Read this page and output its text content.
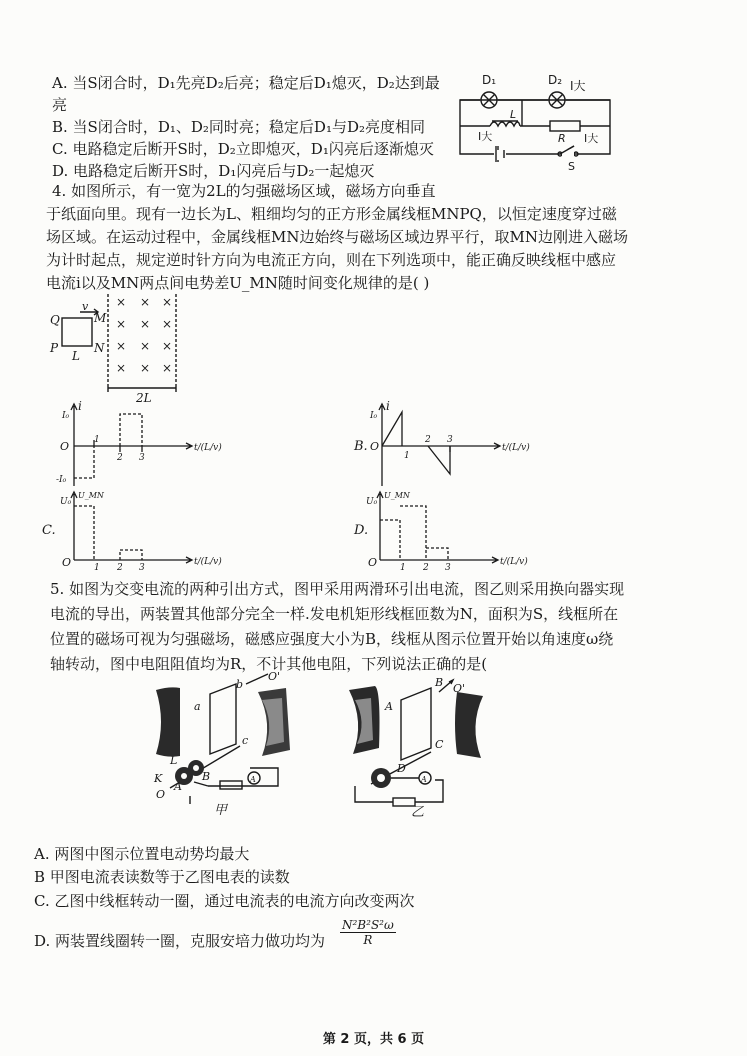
A. 当S闭合时，D₁先亮D₂后亮；稳定后D₁熄灭，D₂达到最
亮
B. 当S闭合时，D₁、D₂同时亮；稳定后D₁与D₂亮度相同
C. 电路稳定后断开S时，D₂立即熄灭，D₁闪亮后逐渐熄灭
D. 电路稳定后断开S时，D₁闪亮后与D₂一起熄灭
D₁	D₂ I大
L
I大	R I大
S
4. 如图所示，有一宽为2L的匀强磁场区域，磁场方向垂直
于纸面向里。现有一边长为L、粗细均匀的正方形金属线框MNPQ，以恒定速度穿过磁
场区域。在运动过程中，金属线框MN边始终与磁场区域边界平行，取MN边刚进入磁场
为计时起点，规定逆时针方向为电流正方向，则在下列选项中，能正确反映线框中感应
电流i以及MN两点间电势差U_MN随时间变化规律的是( )
× × ×
× × ×
× × ×
× × ×
v
Q	M
P	N
L
2L
i
I₀
O
-I₀
1
2 3
t/(L/v)	B.
i
I₀
O
1
2 3
t/(L/v)
C.
U_MN
U₀
O	1 2 3
t/(L/v)
D.
U_MN
U₀
O	1 2 3
t/(L/v)
5. 如图为交变电流的两种引出方式，图甲采用两滑环引出电流，图乙则采用换向器实现
电流的导出，两装置其他部分完全一样.发电机矩形线框匝数为N，面积为S，线框所在
位置的磁场可视为匀强磁场，磁感应强度大小为B，线框从图示位置开始以角速度ω绕
轴转动，图中电阻阻值均为R，不计其他电阻，下列说法正确的是(
a
b
c
O'
O
K
L
B
A
A
甲
A
B
C
D
O'
A
乙
A. 两图中图示位置电动势均最大
B 甲图电流表读数等于乙图电表的读数
C. 乙图中线框转动一圈，通过电流表的电流方向改变两次
D. 两装置线圈转一圈，克服安培力做功均为 $\frac{\text{N²B²S²ω}}{R}$
第 2 页，共 6 页
